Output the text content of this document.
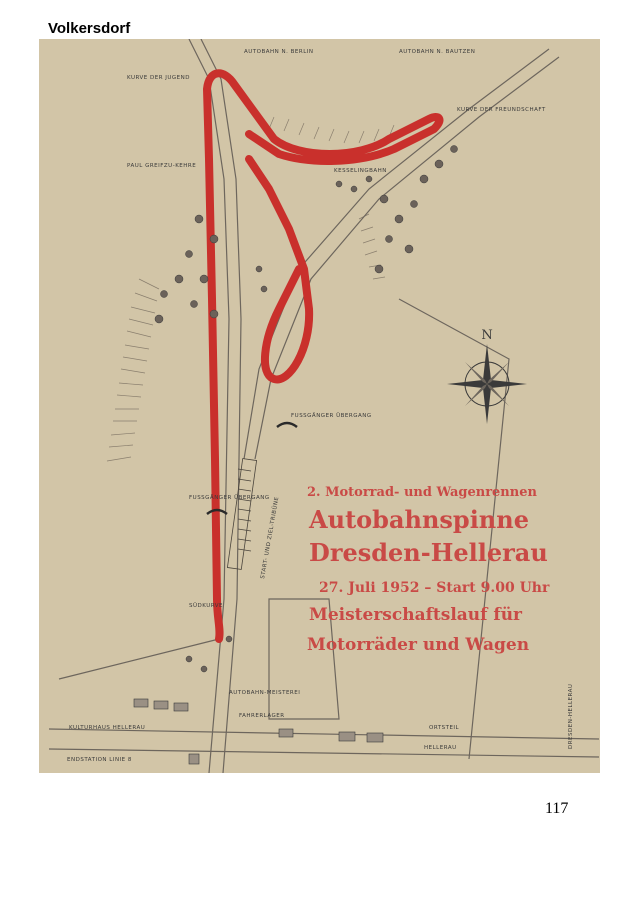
Volkersdorf
N
AUTOBAHN N. BERLIN	AUTOBAHN N. BAUTZEN
KURVE DER JUGEND
KURVE DER FREUNDSCHAFT
PAUL GREIFZU-KEHRE
KESSELINGBAHN
FUSSGÄNGER ÜBERGANG
FUSSGÄNGER ÜBERGANG
SÜDKURVE
START- UND ZIEL-TRIBÜNE
AUTOBAHN-MEISTEREI
FAHRERLAGER
KULTURHAUS HELLERAU
ENDSTATION LINIE 8
ORTSTEIL
HELLERAU	DRESDEN-HELLERAU
2. Motorrad- und Wagenrennen
Autobahnspinne
Dresden-Hellerau
27. Juli 1952 – Start 9.00 Uhr
Meisterschaftslauf für
Motorräder und Wagen
117
